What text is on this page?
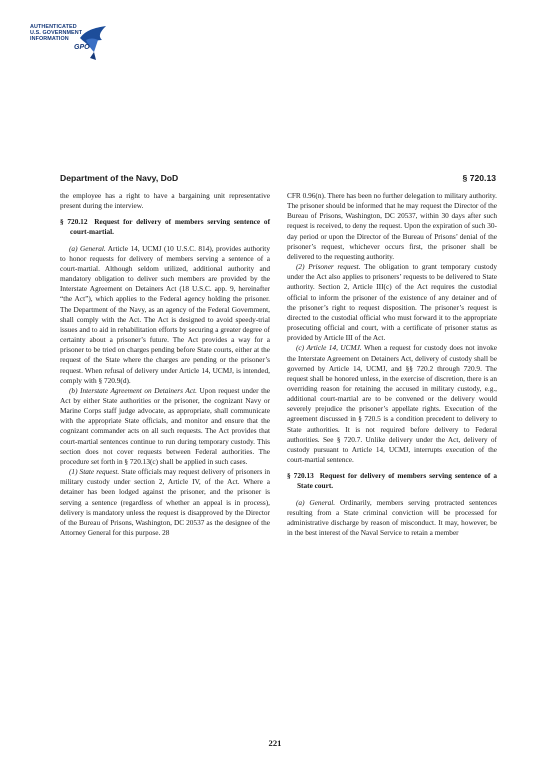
AUTHENTICATED
U.S. GOVERNMENT
INFORMATION
GPO
Department of the Navy, DoD	§ 720.13

the employee has a right to have a bargaining unit representative present during the interview.

§ 720.12 Request for delivery of members serving sentence of court-martial.

(a) General. Article 14, UCMJ (10 U.S.C. 814), provides authority to honor requests for delivery of members serving a sentence of a court-martial. Although seldom utilized, additional authority and mandatory obligation to deliver such members are provided by the Interstate Agreement on Detainers Act (18 U.S.C. app. 9, hereinafter “the Act”), which applies to the Federal agency holding the prisoner. The Department of the Navy, as an agency of the Federal Government, shall comply with the Act. The Act is designed to avoid speedy-trial issues and to aid in rehabilitation efforts by securing a greater degree of certainty about a prisoner’s future. The Act provides a way for a prisoner to be tried on charges pending before State courts, either at the request of the State where the charges are pending or the prisoner’s request. When refusal of delivery under Article 14, UCMJ, is intended, comply with § 720.9(d).

(b) Interstate Agreement on Detainers Act. Upon request under the Act by either State authorities or the prisoner, the cognizant Navy or Marine Corps staff judge advocate, as appropriate, shall communicate with the appropriate State officials, and monitor and ensure that the cognizant commander acts on all such requests. The Act provides that court-martial sentences continue to run during temporary custody. This section does not cover requests between Federal authorities. The procedure set forth in § 720.13(c) shall be applied in such cases.

(1) State request. State officials may request delivery of prisoners in military custody under section 2, Article IV, of the Act. Where a detainer has been lodged against the prisoner, and the prisoner is serving a sentence (regardless of whether an appeal is in process), delivery is mandatory unless the request is disapproved by the Director of the Bureau of Prisons, Washington, DC 20537 as the designee of the Attorney General for this purpose. 28

CFR 0.96(n). There has been no further delegation to military authority. The prisoner should be informed that he may request the Director of the Bureau of Prisons, Washington, DC 20537, within 30 days after such request is received, to deny the request. Upon the expiration of such 30-day period or upon the Director of the Bureau of Prisons’ denial of the prisoner’s request, whichever occurs first, the prisoner shall be delivered to the requesting authority.

(2) Prisoner request. The obligation to grant temporary custody under the Act also applies to prisoners’ requests to be delivered to State authority. Section 2, Article III(c) of the Act requires the custodial official to inform the prisoner of the existence of any detainer and of the prisoner’s right to request disposition. The prisoner’s request is directed to the custodial official who must forward it to the appropriate prosecuting official and court, with a certificate of prisoner status as provided by Article III of the Act.

(c) Article 14, UCMJ. When a request for custody does not invoke the Interstate Agreement on Detainers Act, delivery of custody shall be governed by Article 14, UCMJ, and §§ 720.2 through 720.9. The request shall be honored unless, in the exercise of discretion, there is an overriding reason for retaining the accused in military custody, e.g., additional court-martial are to be convened or the delivery would severely prejudice the prisoner’s appellate rights. Execution of the agreement discussed in § 720.5 is a condition precedent to delivery to State authorities. It is not required before delivery to Federal authorities. See § 720.7. Unlike delivery under the Act, delivery of custody pursuant to Article 14, UCMJ, interrupts execution of the court-martial sentence.

§ 720.13 Request for delivery of members serving sentence of a State court.

(a) General. Ordinarily, members serving protracted sentences resulting from a State criminal conviction will be processed for administrative discharge by reason of misconduct. It may, however, be in the best interest of the Naval Service to retain a member

221
